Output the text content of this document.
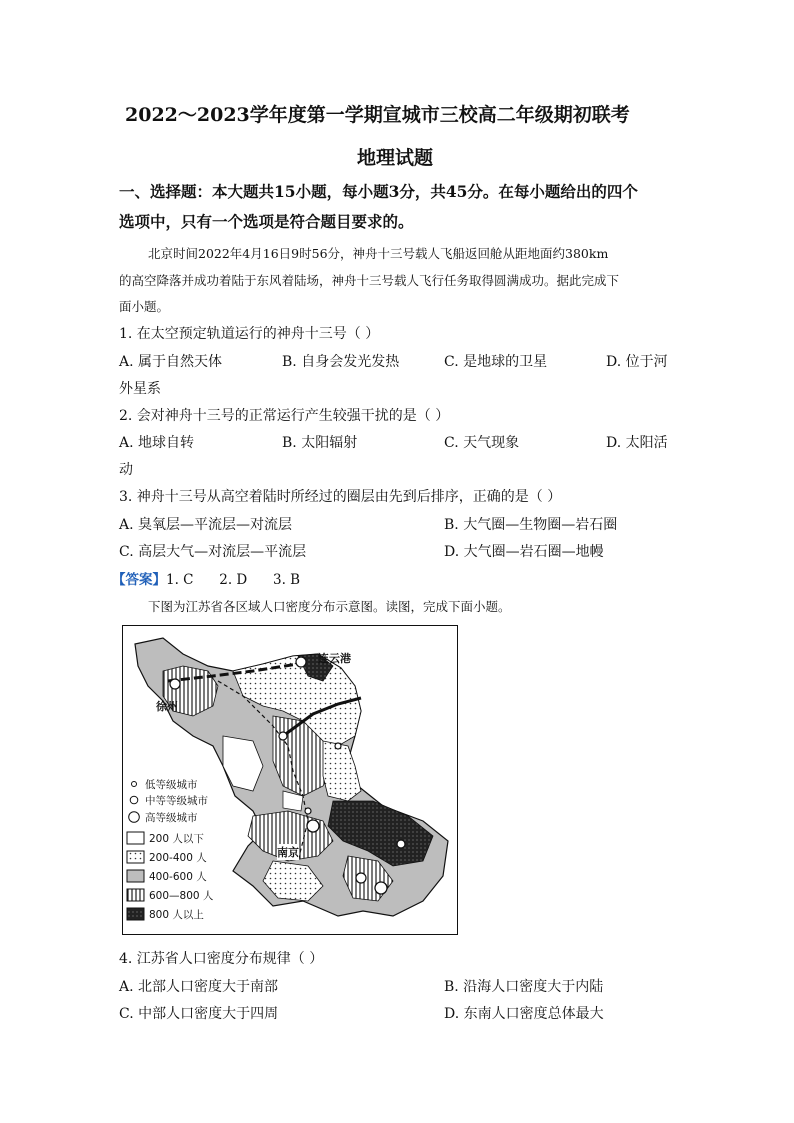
2022～2023学年度第一学期宣城市三校高二年级期初联考
地理试题
一、选择题：本大题共15小题，每小题3分，共45分。在每小题给出的四个
选项中，只有一个选项是符合题目要求的。
北京时间2022年4月16日9时56分，神舟十三号载人飞船返回舱从距地面约380km
的高空降落并成功着陆于东风着陆场，神舟十三号载人飞行任务取得圆满成功。据此完成下
面小题。
1. 在太空预定轨道运行的神舟十三号（ ）
A. 属于自然天体	B. 自身会发光发热	C. 是地球的卫星	D. 位于河
外星系
2. 会对神舟十三号的正常运行产生较强干扰的是（ ）
A. 地球自转	B. 太阳辐射	C. 天气现象	D. 太阳活
动
3. 神舟十三号从高空着陆时所经过的圈层由先到后排序，正确的是（ ）
A. 臭氧层—平流层—对流层	B. 大气圈—生物圈—岩石圈
C. 高层大气—对流层—平流层	D. 大气圈—岩石圈—地幔
【答案】1. C      2. D      3. B
下图为江苏省各区域人口密度分布示意图。读图，完成下面小题。
连云港
徐州
南京
低等级城市
中等等级城市
高等级城市
200 人以下
200-400 人
400-600 人
600—800 人
800 人以上
4. 江苏省人口密度分布规律（ ）
A. 北部人口密度大于南部	B. 沿海人口密度大于内陆
C. 中部人口密度大于四周	D. 东南人口密度总体最大
